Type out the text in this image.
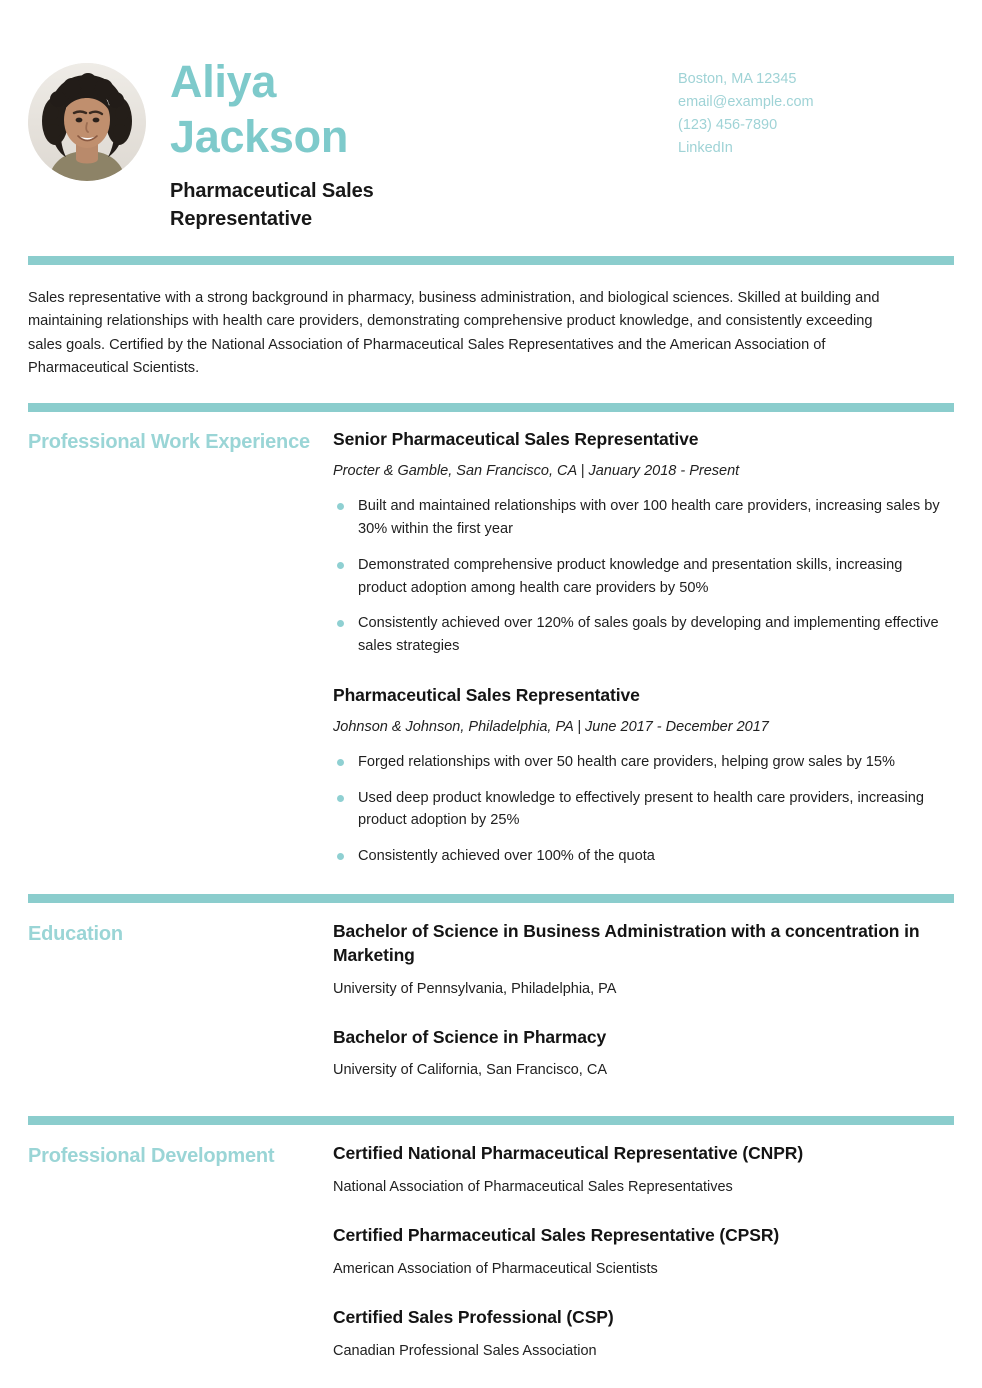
Aliya
Jackson
Pharmaceutical Sales Representative
Boston, MA 12345
email@example.com
(123) 456-7890
LinkedIn
Sales representative with a strong background in pharmacy, business administration, and biological sciences. Skilled at building and maintaining relationships with health care providers, demonstrating comprehensive product knowledge, and consistently exceeding sales goals. Certified by the National Association of Pharmaceutical Sales Representatives and the American Association of Pharmaceutical Scientists.
Professional Work Experience	Senior Pharmaceutical Sales Representative
Procter & Gamble, San Francisco, CA | January 2018 - Present
Built and maintained relationships with over 100 health care providers, increasing sales by 30% within the first year
Demonstrated comprehensive product knowledge and presentation skills, increasing product adoption among health care providers by 50%
Consistently achieved over 120% of sales goals by developing and implementing effective sales strategies
Pharmaceutical Sales Representative
Johnson & Johnson, Philadelphia, PA | June 2017 - December 2017
Forged relationships with over 50 health care providers, helping grow sales by 15%
Used deep product knowledge to effectively present to health care providers, increasing product adoption by 25%
Consistently achieved over 100% of the quota
Education	Bachelor of Science in Business Administration with a concentration in Marketing
University of Pennsylvania, Philadelphia, PA
Bachelor of Science in Pharmacy
University of California, San Francisco, CA
Professional Development	Certified National Pharmaceutical Representative (CNPR)
National Association of Pharmaceutical Sales Representatives
Certified Pharmaceutical Sales Representative (CPSR)
American Association of Pharmaceutical Scientists
Certified Sales Professional (CSP)
Canadian Professional Sales Association
